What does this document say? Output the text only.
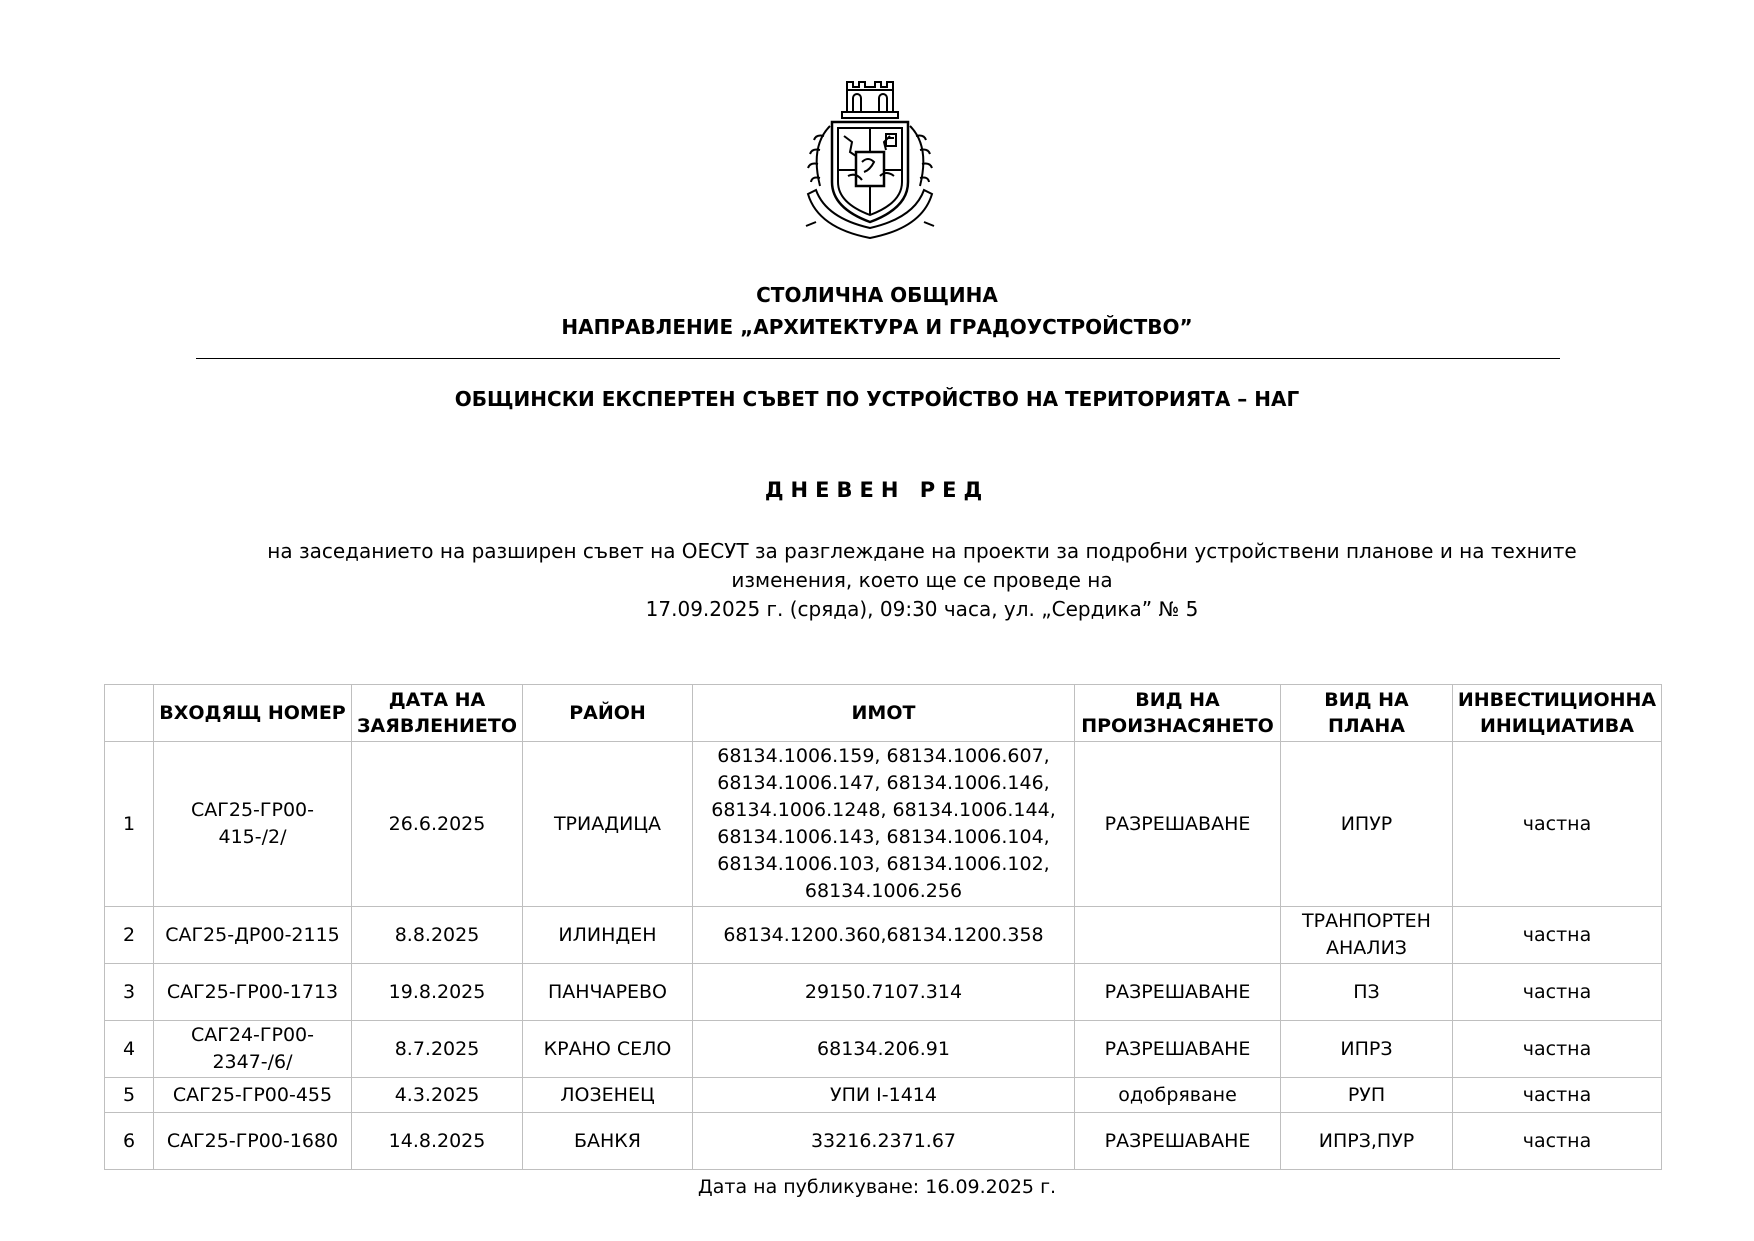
СТОЛИЧНА ОБЩИНА
НАПРАВЛЕНИЕ „АРХИТЕКТУРА И ГРАДОУСТРОЙСТВО”
ОБЩИНСКИ ЕКСПЕРТЕН СЪВЕТ ПО УСТРОЙСТВО НА ТЕРИТОРИЯТА – НАГ
ДНЕВЕН РЕД
на заседанието на разширен съвет на ОЕСУТ за разглеждане на проекти за подробни устройствени планове и на техните
изменения, което ще се проведе на
17.09.2025 г. (сряда), 09:30 часа, ул. „Сердика” № 5
	ВХОДЯЩ НОМЕР	ДАТА НА ЗАЯВЛЕНИЕТО	РАЙОН	ИМОТ	ВИД НА ПРОИЗНАСЯНЕТО	ВИД НА ПЛАНА	ИНВЕСТИЦИОННА ИНИЦИАТИВА
1	САГ25-ГР00-415-/2/	26.6.2025	ТРИАДИЦА	68134.1006.159, 68134.1006.607, 68134.1006.147, 68134.1006.146, 68134.1006.1248, 68134.1006.144, 68134.1006.143, 68134.1006.104, 68134.1006.103, 68134.1006.102, 68134.1006.256	РАЗРЕШАВАНЕ	ИПУР	частна
2	САГ25-ДР00-2115	8.8.2025	ИЛИНДЕН	68134.1200.360,68134.1200.358		ТРАНПОРТЕН АНАЛИЗ	частна
3	САГ25-ГР00-1713	19.8.2025	ПАНЧАРЕВО	29150.7107.314	РАЗРЕШАВАНЕ	ПЗ	частна
4	САГ24-ГР00-2347-/6/	8.7.2025	КРАНО СЕЛО	68134.206.91	РАЗРЕШАВАНЕ	ИПРЗ	частна
5	САГ25-ГР00-455	4.3.2025	ЛОЗЕНЕЦ	УПИ I-1414	одобряване	РУП	частна
6	САГ25-ГР00-1680	14.8.2025	БАНКЯ	33216.2371.67	РАЗРЕШАВАНЕ	ИПРЗ,ПУР	частна
Дата на публикуване: 16.09.2025 г.
